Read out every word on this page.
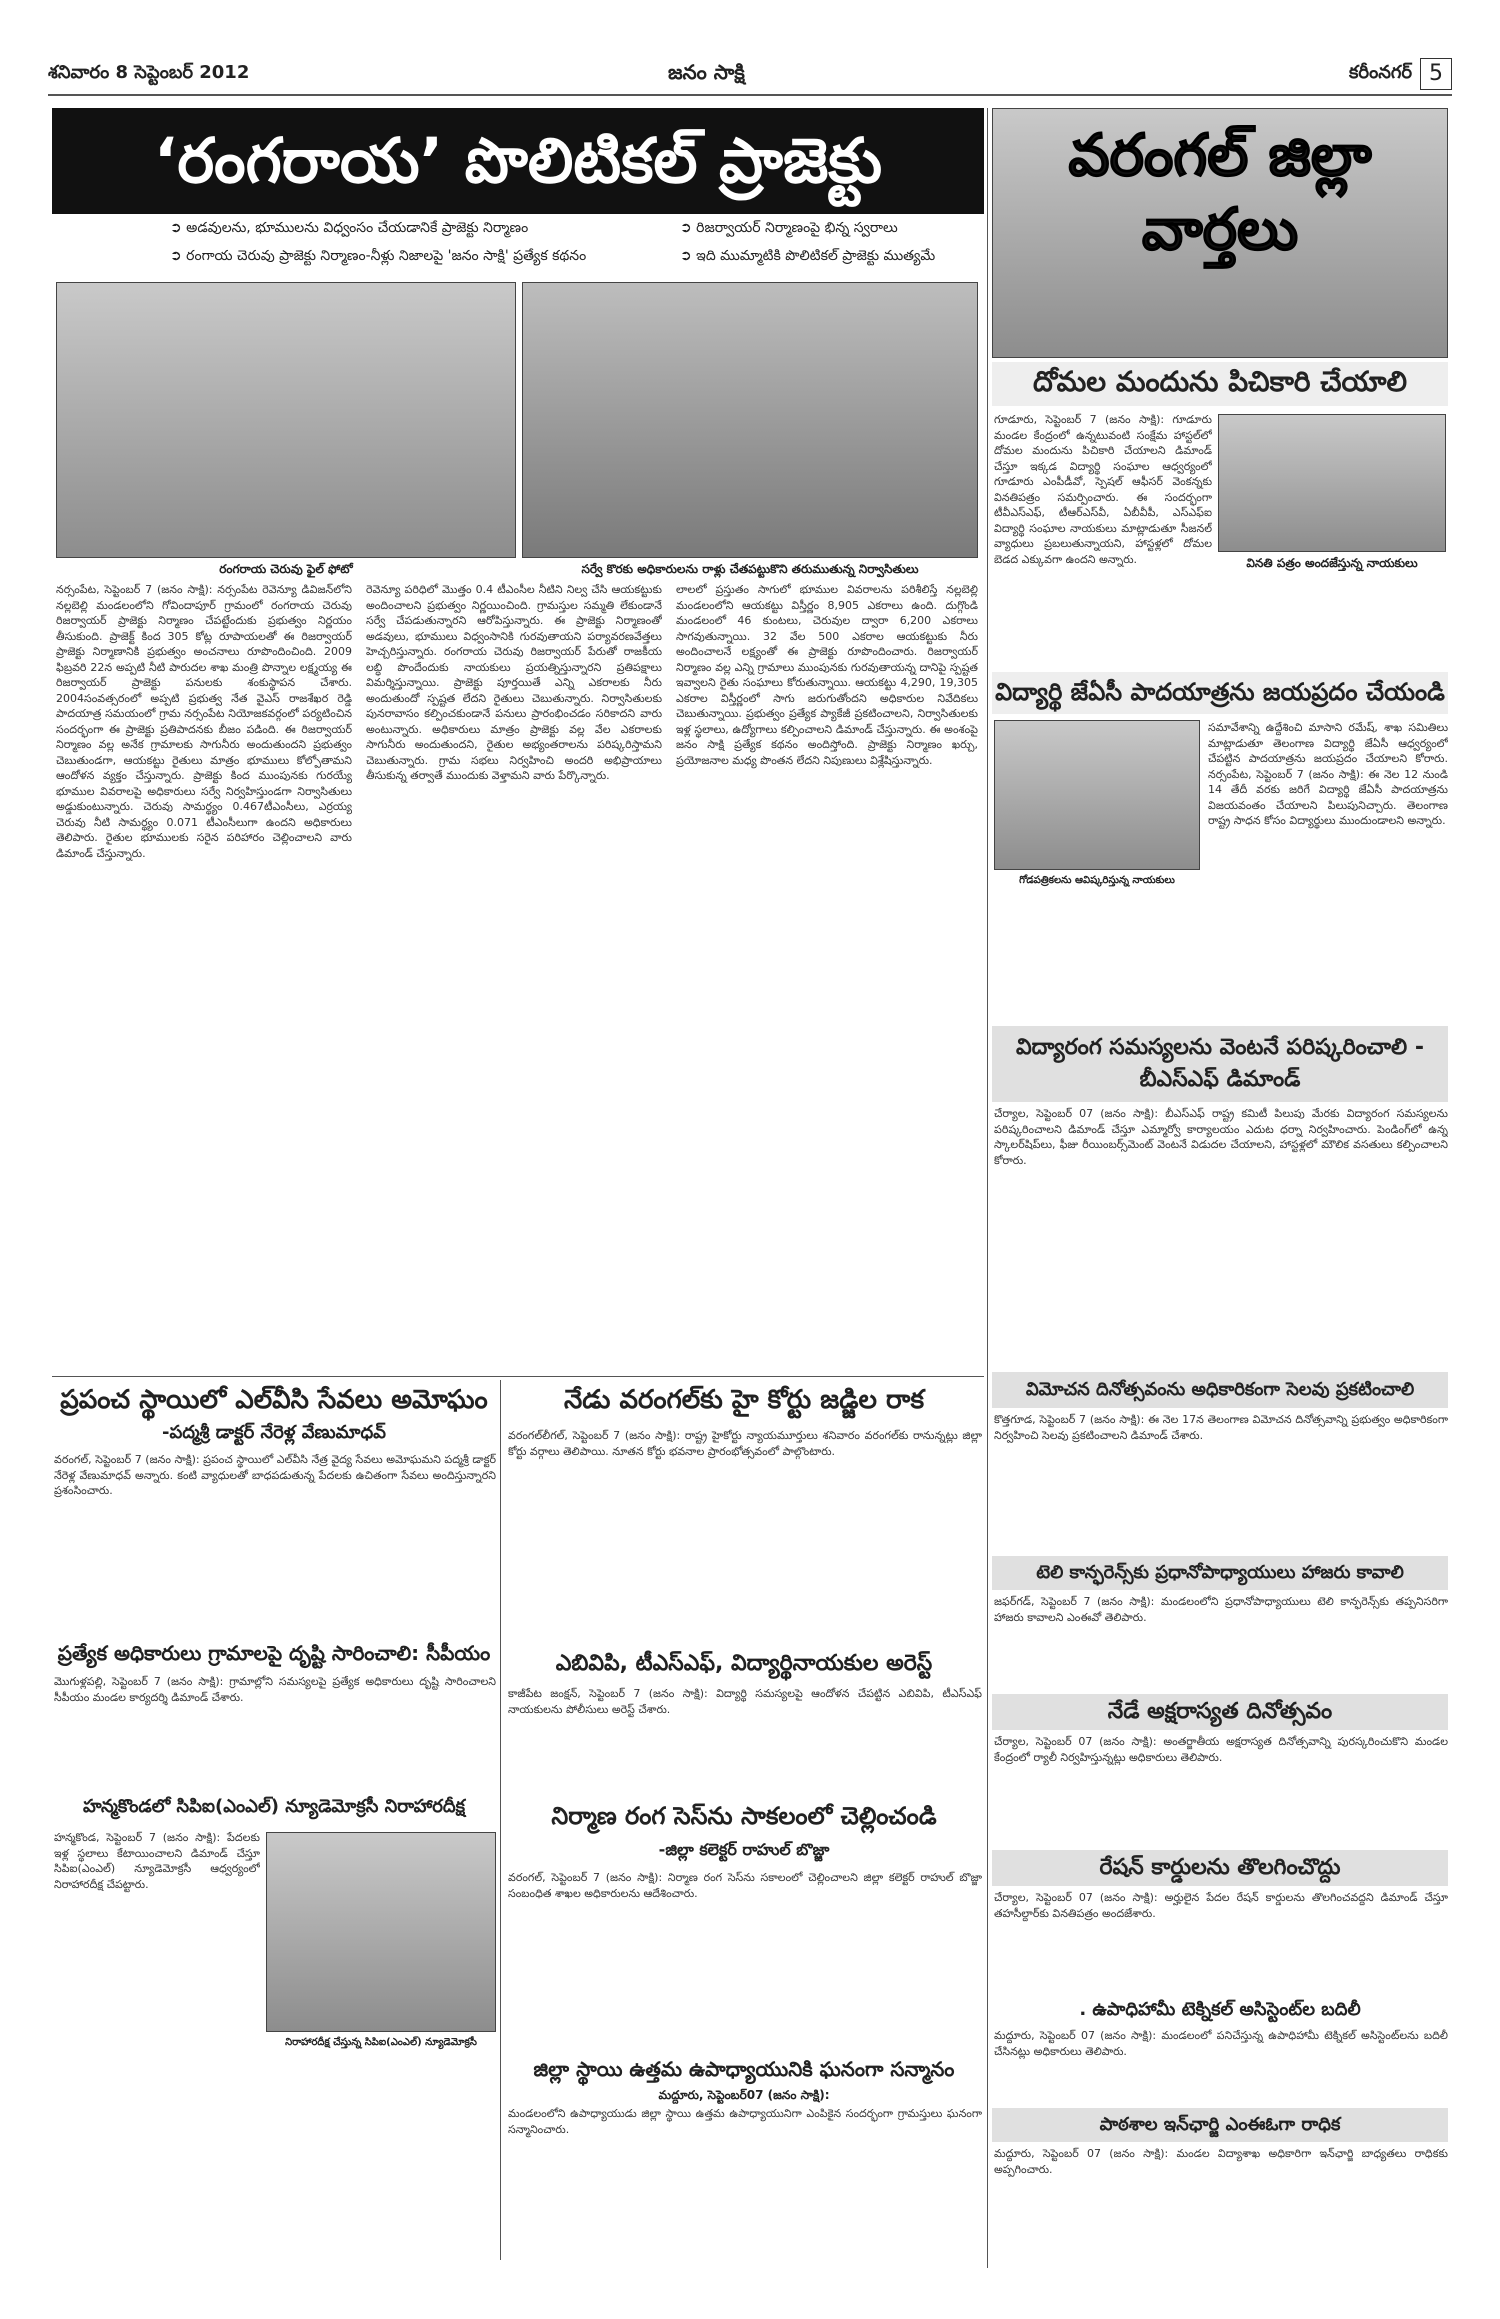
శనివారం 8 సెప్టెంబర్ 2012	జనం సాక్షి	కరీంనగర్ 5
‘రంగరాయ’ పొలిటికల్ ప్రాజెక్టు
➲ అడవులను, భూములను విధ్వంసం చేయడానికే ప్రాజెక్టు నిర్మాణం	➲ రిజర్వాయర్ నిర్మాణంపై భిన్న స్వరాలు
➲ రంగాయ చెరువు ప్రాజెక్టు నిర్మాణం-నీళ్లు నిజాలపై 'జనం సాక్షి' ప్రత్యేక కథనం	➲ ఇది ముమ్మాటికి పొలిటికల్ ప్రాజెక్టు ముత్యమే
రంగరాయ చెరువు ఫైల్ ఫోటో	సర్వే కొరకు అధికారులను రాళ్లు చేతపట్టుకొని తరుముతున్న నిర్వాసితులు
నర్సంపేట, సెప్టెంబర్ 7 (జనం సాక్షి): నర్సంపేట రెవెన్యూ డివిజన్‌లోని నల్లబెల్లి మండలంలోని గోవిందాపూర్ గ్రామంలో రంగరాయ చెరువు రిజర్వాయర్ ప్రాజెక్టు నిర్మాణం చేపట్టేందుకు ప్రభుత్వం నిర్ణయం తీసుకుంది. ప్రాజెక్ట్ కింద 305 కోట్ల రూపాయలతో ఈ రిజర్వాయర్ ప్రాజెక్టు నిర్మాణానికి ప్రభుత్వం అంచనాలు రూపొందించింది. 2009 ఫిబ్రవరి 22న అప్పటి నీటి పారుదల శాఖ మంత్రి పొన్నాల లక్ష్మయ్య ఈ రిజర్వాయర్ ప్రాజెక్టు పనులకు శంకుస్థాపన చేశారు. 2004సంవత్సరంలో అప్పటి ప్రభుత్వ నేత వైఎస్ రాజశేఖర రెడ్డి పాదయాత్ర సమయంలో గ్రామ నర్సంపేట నియోజకవర్గంలో పర్యటించిన సందర్భంగా ఈ ప్రాజెక్టు ప్రతిపాదనకు బీజం పడింది. ఈ రిజర్వాయర్ నిర్మాణం వల్ల అనేక గ్రామాలకు సాగునీరు అందుతుందని ప్రభుత్వం చెబుతుండగా, ఆయకట్టు రైతులు మాత్రం భూములు కోల్పోతామని ఆందోళన వ్యక్తం చేస్తున్నారు. ప్రాజెక్టు కింద ముంపునకు గురయ్యే భూముల వివరాలపై అధికారులు సర్వే నిర్వహిస్తుండగా నిర్వాసితులు అడ్డుకుంటున్నారు. చెరువు సామర్థ్యం 0.467టీఎంసీలు, ఎర్రయ్య చెరువు నీటి సామర్థ్యం 0.071 టీఎంసీలుగా ఉందని అధికారులు తెలిపారు. రైతుల భూములకు సరైన పరిహారం చెల్లించాలని వారు డిమాండ్ చేస్తున్నారు.
రెవెన్యూ పరిధిలో మొత్తం 0.4 టీఎంసీల నీటిని నిల్వ చేసి ఆయకట్టుకు అందించాలని ప్రభుత్వం నిర్ణయించింది. గ్రామస్తుల సమ్మతి లేకుండానే సర్వే చేపడుతున్నారని ఆరోపిస్తున్నారు. ఈ ప్రాజెక్టు నిర్మాణంతో అడవులు, భూములు విధ్వంసానికి గురవుతాయని పర్యావరణవేత్తలు హెచ్చరిస్తున్నారు. రంగరాయ చెరువు రిజర్వాయర్ పేరుతో రాజకీయ లబ్ధి పొందేందుకు నాయకులు ప్రయత్నిస్తున్నారని ప్రతిపక్షాలు విమర్శిస్తున్నాయి. ప్రాజెక్టు పూర్తయితే ఎన్ని ఎకరాలకు నీరు అందుతుందో స్పష్టత లేదని రైతులు చెబుతున్నారు. నిర్వాసితులకు పునరావాసం కల్పించకుండానే పనులు ప్రారంభించడం సరికాదని వారు అంటున్నారు. అధికారులు మాత్రం ప్రాజెక్టు వల్ల వేల ఎకరాలకు సాగునీరు అందుతుందని, రైతుల అభ్యంతరాలను పరిష్కరిస్తామని చెబుతున్నారు. గ్రామ సభలు నిర్వహించి అందరి అభిప్రాయాలు తీసుకున్న తర్వాతే ముందుకు వెళ్తామని వారు పేర్కొన్నారు.
లాలలో ప్రస్తుతం సాగులో భూముల వివరాలను పరిశీలిస్తే నల్లబెల్లి మండలంలోని ఆయకట్టు విస్తీర్ణం 8,905 ఎకరాలు ఉంది. దుగ్గొండి మండలంలో 46 కుంటలు, చెరువుల ద్వారా 6,200 ఎకరాలు సాగవుతున్నాయి. 32 వేల 500 ఎకరాల ఆయకట్టుకు నీరు అందించాలనే లక్ష్యంతో ఈ ప్రాజెక్టు రూపొందించారు. రిజర్వాయర్ నిర్మాణం వల్ల ఎన్ని గ్రామాలు ముంపునకు గురవుతాయన్న దానిపై స్పష్టత ఇవ్వాలని రైతు సంఘాలు కోరుతున్నాయి. ఆయకట్టు 4,290, 19,305 ఎకరాల విస్తీర్ణంలో సాగు జరుగుతోందని అధికారుల నివేదికలు చెబుతున్నాయి. ప్రభుత్వం ప్రత్యేక ప్యాకేజీ ప్రకటించాలని, నిర్వాసితులకు ఇళ్ల స్థలాలు, ఉద్యోగాలు కల్పించాలని డిమాండ్ చేస్తున్నారు. ఈ అంశంపై జనం సాక్షి ప్రత్యేక కథనం అందిస్తోంది. ప్రాజెక్టు నిర్మాణం ఖర్చు, ప్రయోజనాల మధ్య పొంతన లేదని నిపుణులు విశ్లేషిస్తున్నారు.
వరంగల్ జిల్లా వార్తలు
దోమల మందును పిచికారి చేయాలి
గూడూరు, సెప్టెంబర్ 7 (జనం సాక్షి): గూడూరు మండల కేంద్రంలో ఉన్నటువంటి సంక్షేమ హాస్టల్‌లో దోమల మందును పిచికారి చేయాలని డిమాండ్ చేస్తూ ఇక్కడ విద్యార్థి సంఘాల ఆధ్వర్యంలో గూడూరు ఎంపీడీవో, స్పెషల్ ఆఫీసర్ వెంకన్నకు వినతిపత్రం సమర్పించారు. ఈ సందర్భంగా టీవీఎస్‌ఎఫ్, టీఆర్‌ఎస్‌వీ, ఏబీవీపీ, ఎస్‌ఎఫ్‌ఐ విద్యార్థి సంఘాల నాయకులు మాట్లాడుతూ సీజనల్ వ్యాధులు ప్రబలుతున్నాయని, హాస్టళ్లలో దోమల బెడద ఎక్కువగా ఉందని అన్నారు.	వినతి పత్రం అందజేస్తున్న నాయకులు
విద్యార్థి జేఏసీ పాదయాత్రను జయప్రదం చేయండి
గోడపత్రికలను ఆవిష్కరిస్తున్న నాయకులు
సమావేశాన్ని ఉద్దేశించి మాసాని రమేష్, శాఖ సమితిలు మాట్లాడుతూ తెలంగాణ విద్యార్థి జేఏసీ ఆధ్వర్యంలో చేపట్టిన పాదయాత్రను జయప్రదం చేయాలని కోరారు. నర్సంపేట, సెప్టెంబర్ 7 (జనం సాక్షి): ఈ నెల 12 నుండి 14 తేదీ వరకు జరిగే విద్యార్థి జేఏసీ పాదయాత్రను విజయవంతం చేయాలని పిలుపునిచ్చారు. తెలంగాణ రాష్ట్ర సాధన కోసం విద్యార్థులు ముందుండాలని అన్నారు.
విద్యారంగ సమస్యలను వెంటనే పరిష్కరించాలి - బీఎస్‌ఎఫ్ డిమాండ్
చేర్యాల, సెప్టెంబర్ 07 (జనం సాక్షి): బీఎస్‌ఎఫ్ రాష్ట్ర కమిటీ పిలుపు మేరకు విద్యారంగ సమస్యలను పరిష్కరించాలని డిమాండ్ చేస్తూ ఎమ్మార్వో కార్యాలయం ఎదుట ధర్నా నిర్వహించారు. పెండింగ్‌లో ఉన్న స్కాలర్‌షిప్‌లు, ఫీజు రీయింబర్స్‌మెంట్ వెంటనే విడుదల చేయాలని, హాస్టళ్లలో మౌలిక వసతులు కల్పించాలని కోరారు.
విమోచన దినోత్సవంను అధికారికంగా సెలవు ప్రకటించాలి
కొత్తగూడ, సెప్టెంబర్ 7 (జనం సాక్షి): ఈ నెల 17న తెలంగాణ విమోచన దినోత్సవాన్ని ప్రభుత్వం అధికారికంగా నిర్వహించి సెలవు ప్రకటించాలని డిమాండ్ చేశారు.
టెలి కాన్ఫరెన్స్‌కు ప్రధానోపాధ్యాయులు హాజరు కావాలి
జఫర్‌గడ్, సెప్టెంబర్ 7 (జనం సాక్షి): మండలంలోని ప్రధానోపాధ్యాయులు టెలి కాన్ఫరెన్స్‌కు తప్పనిసరిగా హాజరు కావాలని ఎంఈవో తెలిపారు.
నేడే అక్షరాస్యత దినోత్సవం
చేర్యాల, సెప్టెంబర్ 07 (జనం సాక్షి): అంతర్జాతీయ అక్షరాస్యత దినోత్సవాన్ని పురస్కరించుకొని మండల కేంద్రంలో ర్యాలీ నిర్వహిస్తున్నట్లు అధికారులు తెలిపారు.
రేషన్ కార్డులను తొలగించొద్దు
చేర్యాల, సెప్టెంబర్ 07 (జనం సాక్షి): అర్హులైన పేదల రేషన్ కార్డులను తొలగించవద్దని డిమాండ్ చేస్తూ తహసీల్దార్‌కు వినతిపత్రం అందజేశారు.
. ఉపాధిహామీ టెక్నికల్ అసిస్టెంట్‌ల బదిలీ
మద్దూరు, సెప్టెంబర్ 07 (జనం సాక్షి): మండలంలో పనిచేస్తున్న ఉపాధిహామీ టెక్నికల్ అసిస్టెంట్‌లను బదిలీ చేసినట్లు అధికారులు తెలిపారు.
పాఠశాల ఇన్‌ఛార్జి ఎంఈఓగా రాధిక
మద్దూరు, సెప్టెంబర్ 07 (జనం సాక్షి): మండల విద్యాశాఖ అధికారిగా ఇన్‌ఛార్జి బాధ్యతలు రాధికకు అప్పగించారు.
ప్రపంచ స్థాయిలో ఎల్‌వీసి సేవలు అమోఘం
-పద్మశ్రీ డాక్టర్ నేరెళ్ల వేణుమాధవ్
వరంగల్, సెప్టెంబర్ 7 (జనం సాక్షి): ప్రపంచ స్థాయిలో ఎల్‌వీసి నేత్ర వైద్య సేవలు అమోఘమని పద్మశ్రీ డాక్టర్ నేరెళ్ల వేణుమాధవ్ అన్నారు. కంటి వ్యాధులతో బాధపడుతున్న పేదలకు ఉచితంగా సేవలు అందిస్తున్నారని ప్రశంసించారు.
ప్రత్యేక అధికారులు గ్రామాలపై దృష్టి సారించాలి: సీపీయం
మొగుళ్లపల్లి, సెప్టెంబర్ 7 (జనం సాక్షి): గ్రామాల్లోని సమస్యలపై ప్రత్యేక అధికారులు దృష్టి సారించాలని సీపీయం మండల కార్యదర్శి డిమాండ్ చేశారు.
హన్మకొండలో సిపిఐ(ఎంఎల్) న్యూడెమోక్రసీ నిరాహారదీక్ష
హన్మకొండ, సెప్టెంబర్ 7 (జనం సాక్షి): పేదలకు ఇళ్ల స్థలాలు కేటాయించాలని డిమాండ్ చేస్తూ సిపిఐ(ఎంఎల్) న్యూడెమోక్రసీ ఆధ్వర్యంలో నిరాహారదీక్ష చేపట్టారు.
నిరాహారదీక్ష చేస్తున్న సిపిఐ(ఎంఎల్) న్యూడెమోక్రసీ
నేడు వరంగల్‌కు హై కోర్టు జడ్జిల రాక
వరంగల్‌లీగల్, సెప్టెంబర్ 7 (జనం సాక్షి): రాష్ట్ర హైకోర్టు న్యాయమూర్తులు శనివారం వరంగల్‌కు రానున్నట్లు జిల్లా కోర్టు వర్గాలు తెలిపాయి. నూతన కోర్టు భవనాల ప్రారంభోత్సవంలో పాల్గొంటారు.
ఎబివిపి, టీఎస్‌ఎఫ్, విద్యార్థినాయకుల అరెస్ట్
కాజీపేట జంక్షన్, సెప్టెంబర్ 7 (జనం సాక్షి): విద్యార్థి సమస్యలపై ఆందోళన చేపట్టిన ఎబివిపి, టీఎస్‌ఎఫ్ నాయకులను పోలీసులు అరెస్ట్ చేశారు.
నిర్మాణ రంగ సెస్‌ను సాకలంలో చెల్లించండి
-జిల్లా కలెక్టర్ రాహుల్ బొజ్జా
వరంగల్, సెప్టెంబర్ 7 (జనం సాక్షి): నిర్మాణ రంగ సెస్‌ను సకాలంలో చెల్లించాలని జిల్లా కలెక్టర్ రాహుల్ బొజ్జా సంబంధిత శాఖల అధికారులను ఆదేశించారు.
జిల్లా స్థాయి ఉత్తమ ఉపాధ్యాయునికి ఘనంగా సన్మానం
మద్దూరు, సెప్టెంబర్07 (జనం సాక్షి):
మండలంలోని ఉపాధ్యాయుడు జిల్లా స్థాయి ఉత్తమ ఉపాధ్యాయునిగా ఎంపికైన సందర్భంగా గ్రామస్తులు ఘనంగా సన్మానించారు.
